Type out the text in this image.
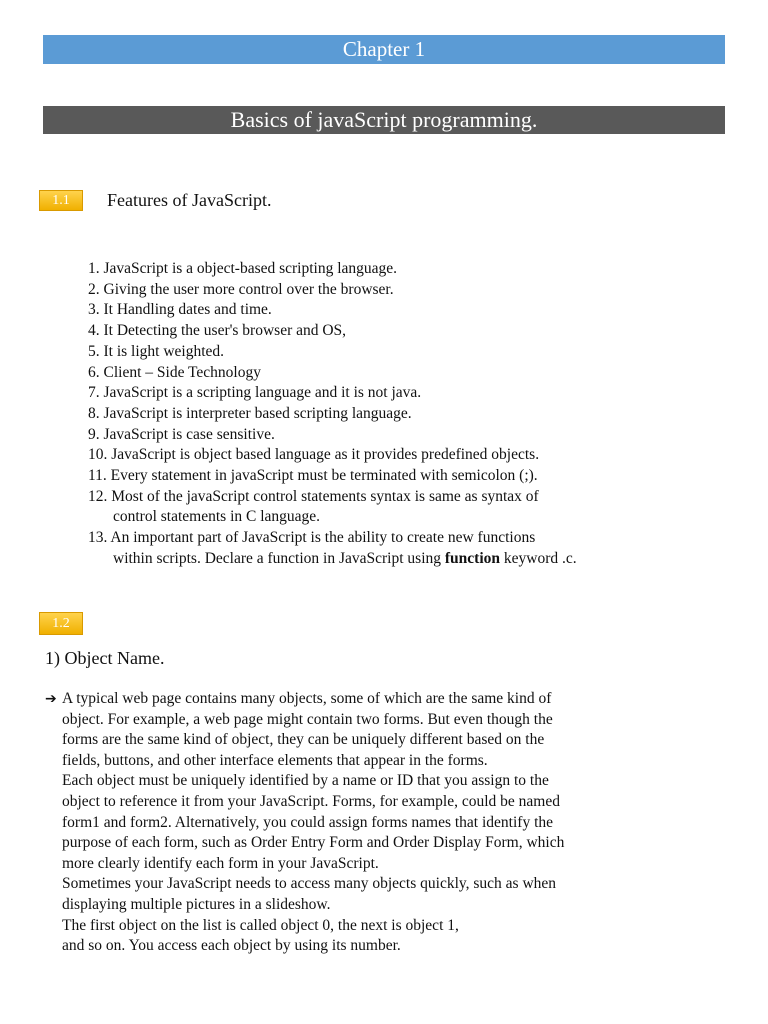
Chapter 1
Basics of javaScript programming.
1.1	Features of JavaScript.
1. JavaScript is a object-based scripting language.
2. Giving the user more control over the browser.
3. It Handling dates and time.
4. It Detecting the user's browser and OS,
5. It is light weighted.
6. Client – Side Technology
7. JavaScript is a scripting language and it is not java.
8. JavaScript is interpreter based scripting language.
9. JavaScript is case sensitive.
10. JavaScript is object based language as it provides predefined objects.
11. Every statement in javaScript must be terminated with semicolon (;).
12. Most of the javaScript control statements syntax is same as syntax of
control statements in C language.
13. An important part of JavaScript is the ability to create new functions
within scripts. Declare a function in JavaScript using function keyword .c.
1.2
1) Object Name.
➔ A typical web page contains many objects, some of which are the same kind of
object. For example, a web page might contain two forms. But even though the
forms are the same kind of object, they can be uniquely different based on the
fields, buttons, and other interface elements that appear in the forms.
Each object must be uniquely identified by a name or ID that you assign to the
object to reference it from your JavaScript. Forms, for example, could be named
form1 and form2. Alternatively, you could assign forms names that identify the
purpose of each form, such as Order Entry Form and Order Display Form, which
more clearly identify each form in your JavaScript.
Sometimes your JavaScript needs to access many objects quickly, such as when
displaying multiple pictures in a slideshow.
The first object on the list is called object 0, the next is object 1,
and so on. You access each object by using its number.
